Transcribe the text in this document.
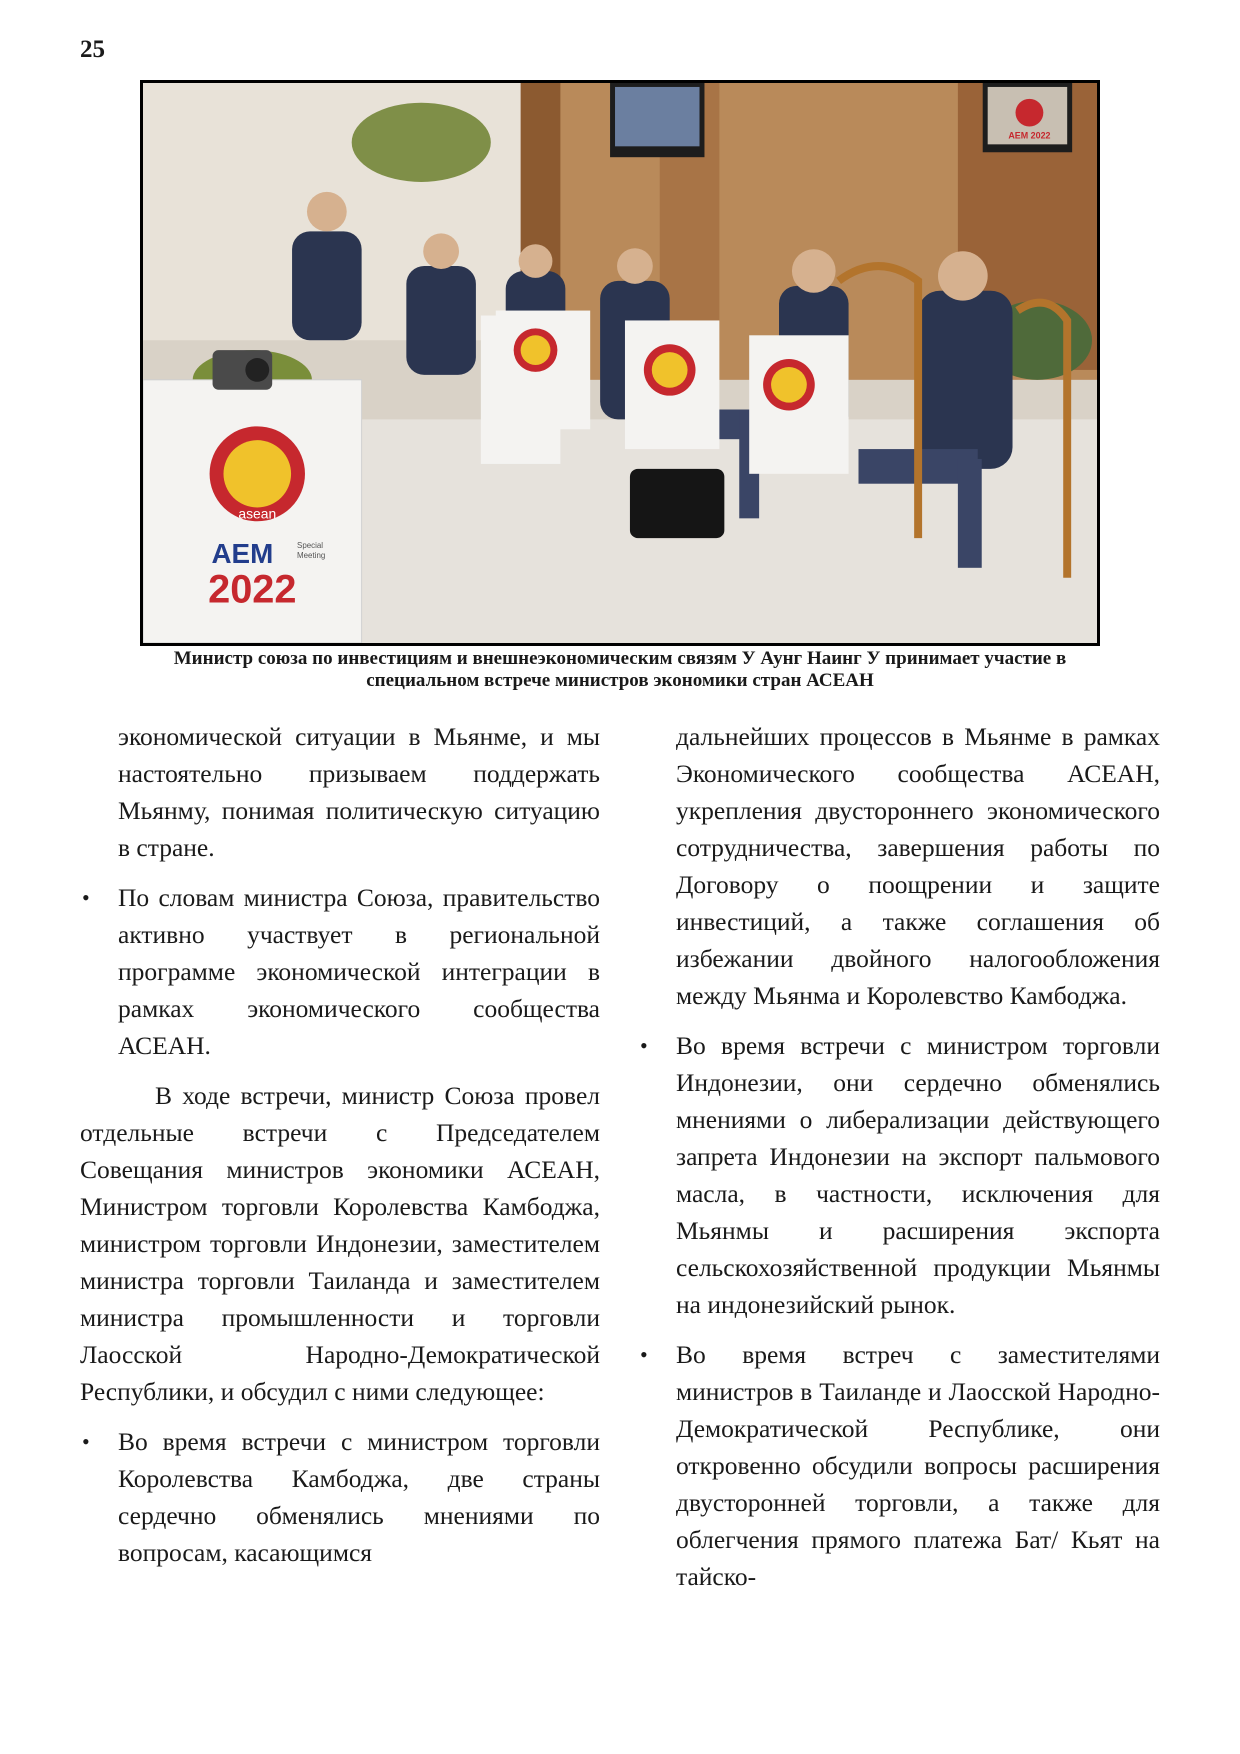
25
AEM 2022
asean
AEM	Special
Meeting
2022
Министр союза по инвестициям и внешнеэкономическим связям У Аунг Наинг У принимает участие в
специальном встрече министров экономики стран АСЕАН

экономической ситуации в Мьянме, и мы настоятельно призываем поддержать Мьянму, понимая политическую ситуацию в стране.

• По словам министра Союза, правительство активно участвует в региональной программе экономической интеграции в рамках экономического сообщества АСЕАН.

В ходе встречи, министр Союза провел отдельные встречи с Председателем Совещания министров экономики АСЕАН, Министром торговли Королевства Камбоджа, министром торговли Индонезии, заместителем министра торговли Таиланда и заместителем министра промышленности и торговли Лаосской Народно-Демократической Республики, и обсудил с ними следующее:

• Во время встречи с министром торговли Королевства Камбоджа, две страны сердечно обменялись мнениями по вопросам, касающимся

дальнейших процессов в Мьянме в рамках Экономического сообщества АСЕАН, укрепления двустороннего экономического сотрудничества, завершения работы по Договору о поощрении и защите инвестиций, а также соглашения об избежании двойного налогообложения между Мьянма и Королевство Камбоджа.

• Во время встречи с министром торговли Индонезии, они сердечно обменялись мнениями о либерализации действующего запрета Индонезии на экспорт пальмового масла, в частности, исключения для Мьянмы и расширения экспорта сельскохозяйственной продукции Мьянмы на индонезийский рынок.
• Во время встреч с заместителями министров в Таиланде и Лаосской Народно-Демократической Республике, они откровенно обсудили вопросы расширения двусторонней торговли, а также для облегчения прямого платежа Бат/ Кьят на тайско-
